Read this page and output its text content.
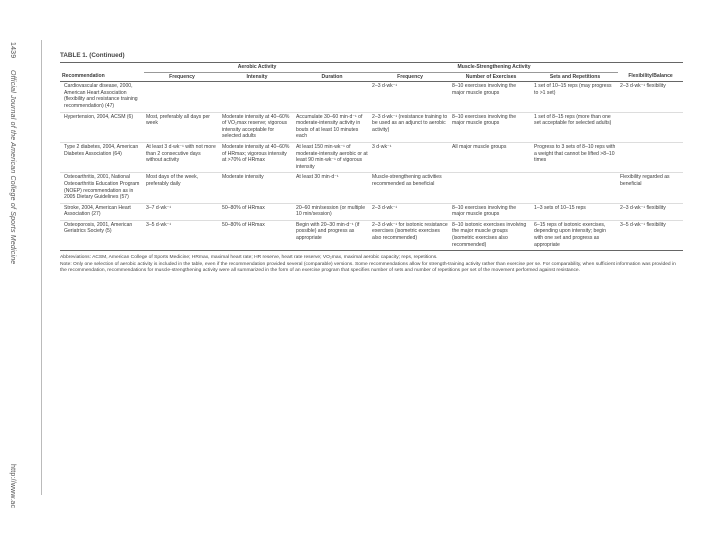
1439
Official Journal of the American College of Sports Medicine
http://www.ac
TABLE 1. (Continued)
	Aerobic Activity			Muscle-Strengthening Activity			
Recommendation	Frequency	Intensity	Duration	Frequency	Number of Exercises	Sets and Repetitions	Flexibility/Balance
Cardiovascular disease, 2000, American Heart Association (flexibility and resistance training recommendation) (47)				2–3 d·wk⁻¹	8–10 exercises involving the major muscle groups	1 set of 10–15 reps (may progress to >1 set)	2–3 d·wk⁻¹ flexibility
Hypertension, 2004, ACSM (6)	Most, preferably all days per week	Moderate intensity at 40–60% of VO₂max reserve; vigorous intensity acceptable for selected adults	Accumulate 30–60 min·d⁻¹ of moderate-intensity activity in bouts of at least 10 minutes each	2–3 d·wk⁻¹ (resistance training to be used as an adjunct to aerobic activity)	8–10 exercises involving the major muscle groups	1 set of 8–15 reps (more than one set acceptable for selected adults)	
Type 2 diabetes, 2004, American Diabetes Association (64)	At least 3 d·wk⁻¹ with not more than 2 consecutive days without activity	Moderate intensity at 40–60% of HRmax; vigorous intensity at >70% of HRmax	At least 150 min·wk⁻¹ of moderate-intensity aerobic or at least 90 min·wk⁻¹ of vigorous intensity	3 d·wk⁻¹	All major muscle groups	Progress to 3 sets of 8–10 reps with a weight that cannot be lifted >8–10 times	
Osteoarthritis, 2001, National Osteoarthritis Education Program (NOEP) recommendation as in 2005 Dietary Guidelines (57)	Most days of the week, preferably daily	Moderate intensity	At least 30 min·d⁻¹	Muscle-strengthening activities recommended as beneficial			Flexibility regarded as beneficial
Stroke, 2004, American Heart Association (27)	3–7 d·wk⁻¹	50–80% of HRmax	20–60 min/session (or multiple 10 min/session)	2–3 d·wk⁻¹	8–10 exercises involving the major muscle groups	1–3 sets of 10–15 reps	2–3 d·wk⁻¹ flexibility
Osteoporosis, 2001, American Geriatrics Society (5)	3–5 d·wk⁻¹	50–80% of HRmax	Begin with 20–30 min·d⁻¹ (if possible) and progress as appropriate	2–3 d·wk⁻¹ for isotonic resistance exercises (isometric exercises also recommended)	8–10 isotonic exercises involving the major muscle groups (isometric exercises also recommended)	6–15 reps of isotonic exercises, depending upon intensity; begin with one set and progress as appropriate	3–5 d·wk⁻¹ flexibility
Abbreviations: ACSM, American College of Sports Medicine; HRmax, maximal heart rate; HR reserve, heart rate reserve; VO₂max, maximal aerobic capacity; reps, repetitions.
Note: Only one selection of aerobic activity is included in the table, even if the recommendation provided several (comparable) versions. Some recommendations allow for strength-training activity rather than exercise per se. For comparability, when sufficient information was provided in the recommendation, recommendations for muscle-strengthening activity were all summarized in the form of an exercise program that specifies number of sets and number of repetitions per set of the movement performed against resistance.
